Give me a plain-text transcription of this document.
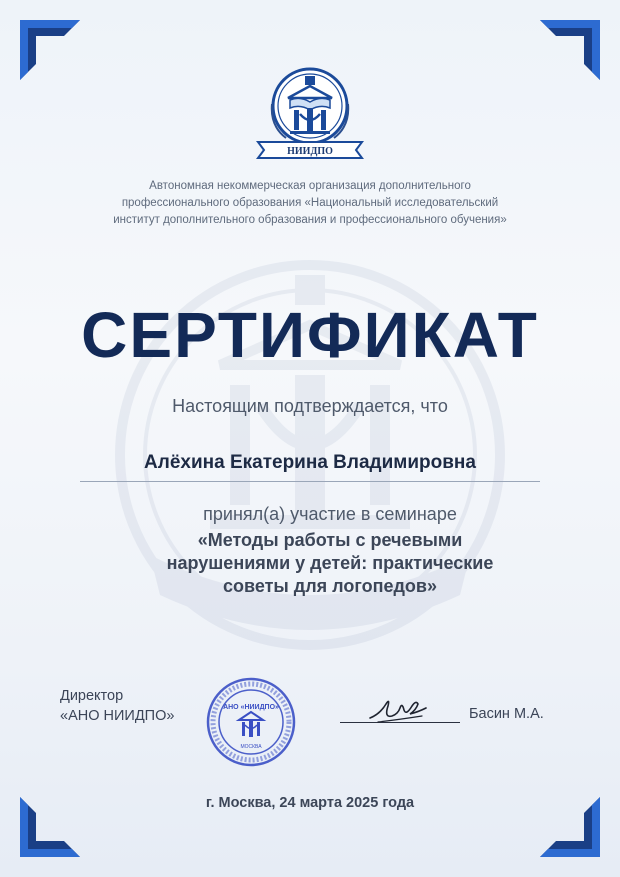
НИИДПО
Автономная некоммерческая организация дополнительного
профессионального образования «Национальный исследовательский
институт дополнительного образования и профессионального обучения»
СЕРТИФИКАТ
Настоящим подтверждается, что
Алёхина Екатерина Владимировна
принял(а) участие в семинаре
«Методы работы с речевыми нарушениями у детей: практические советы для логопедов»
Директор
«АНО НИИДПО»
АНО «НИИДПО»
МОСКВА
Басин М.А.
г. Москва, 24 марта 2025 года
